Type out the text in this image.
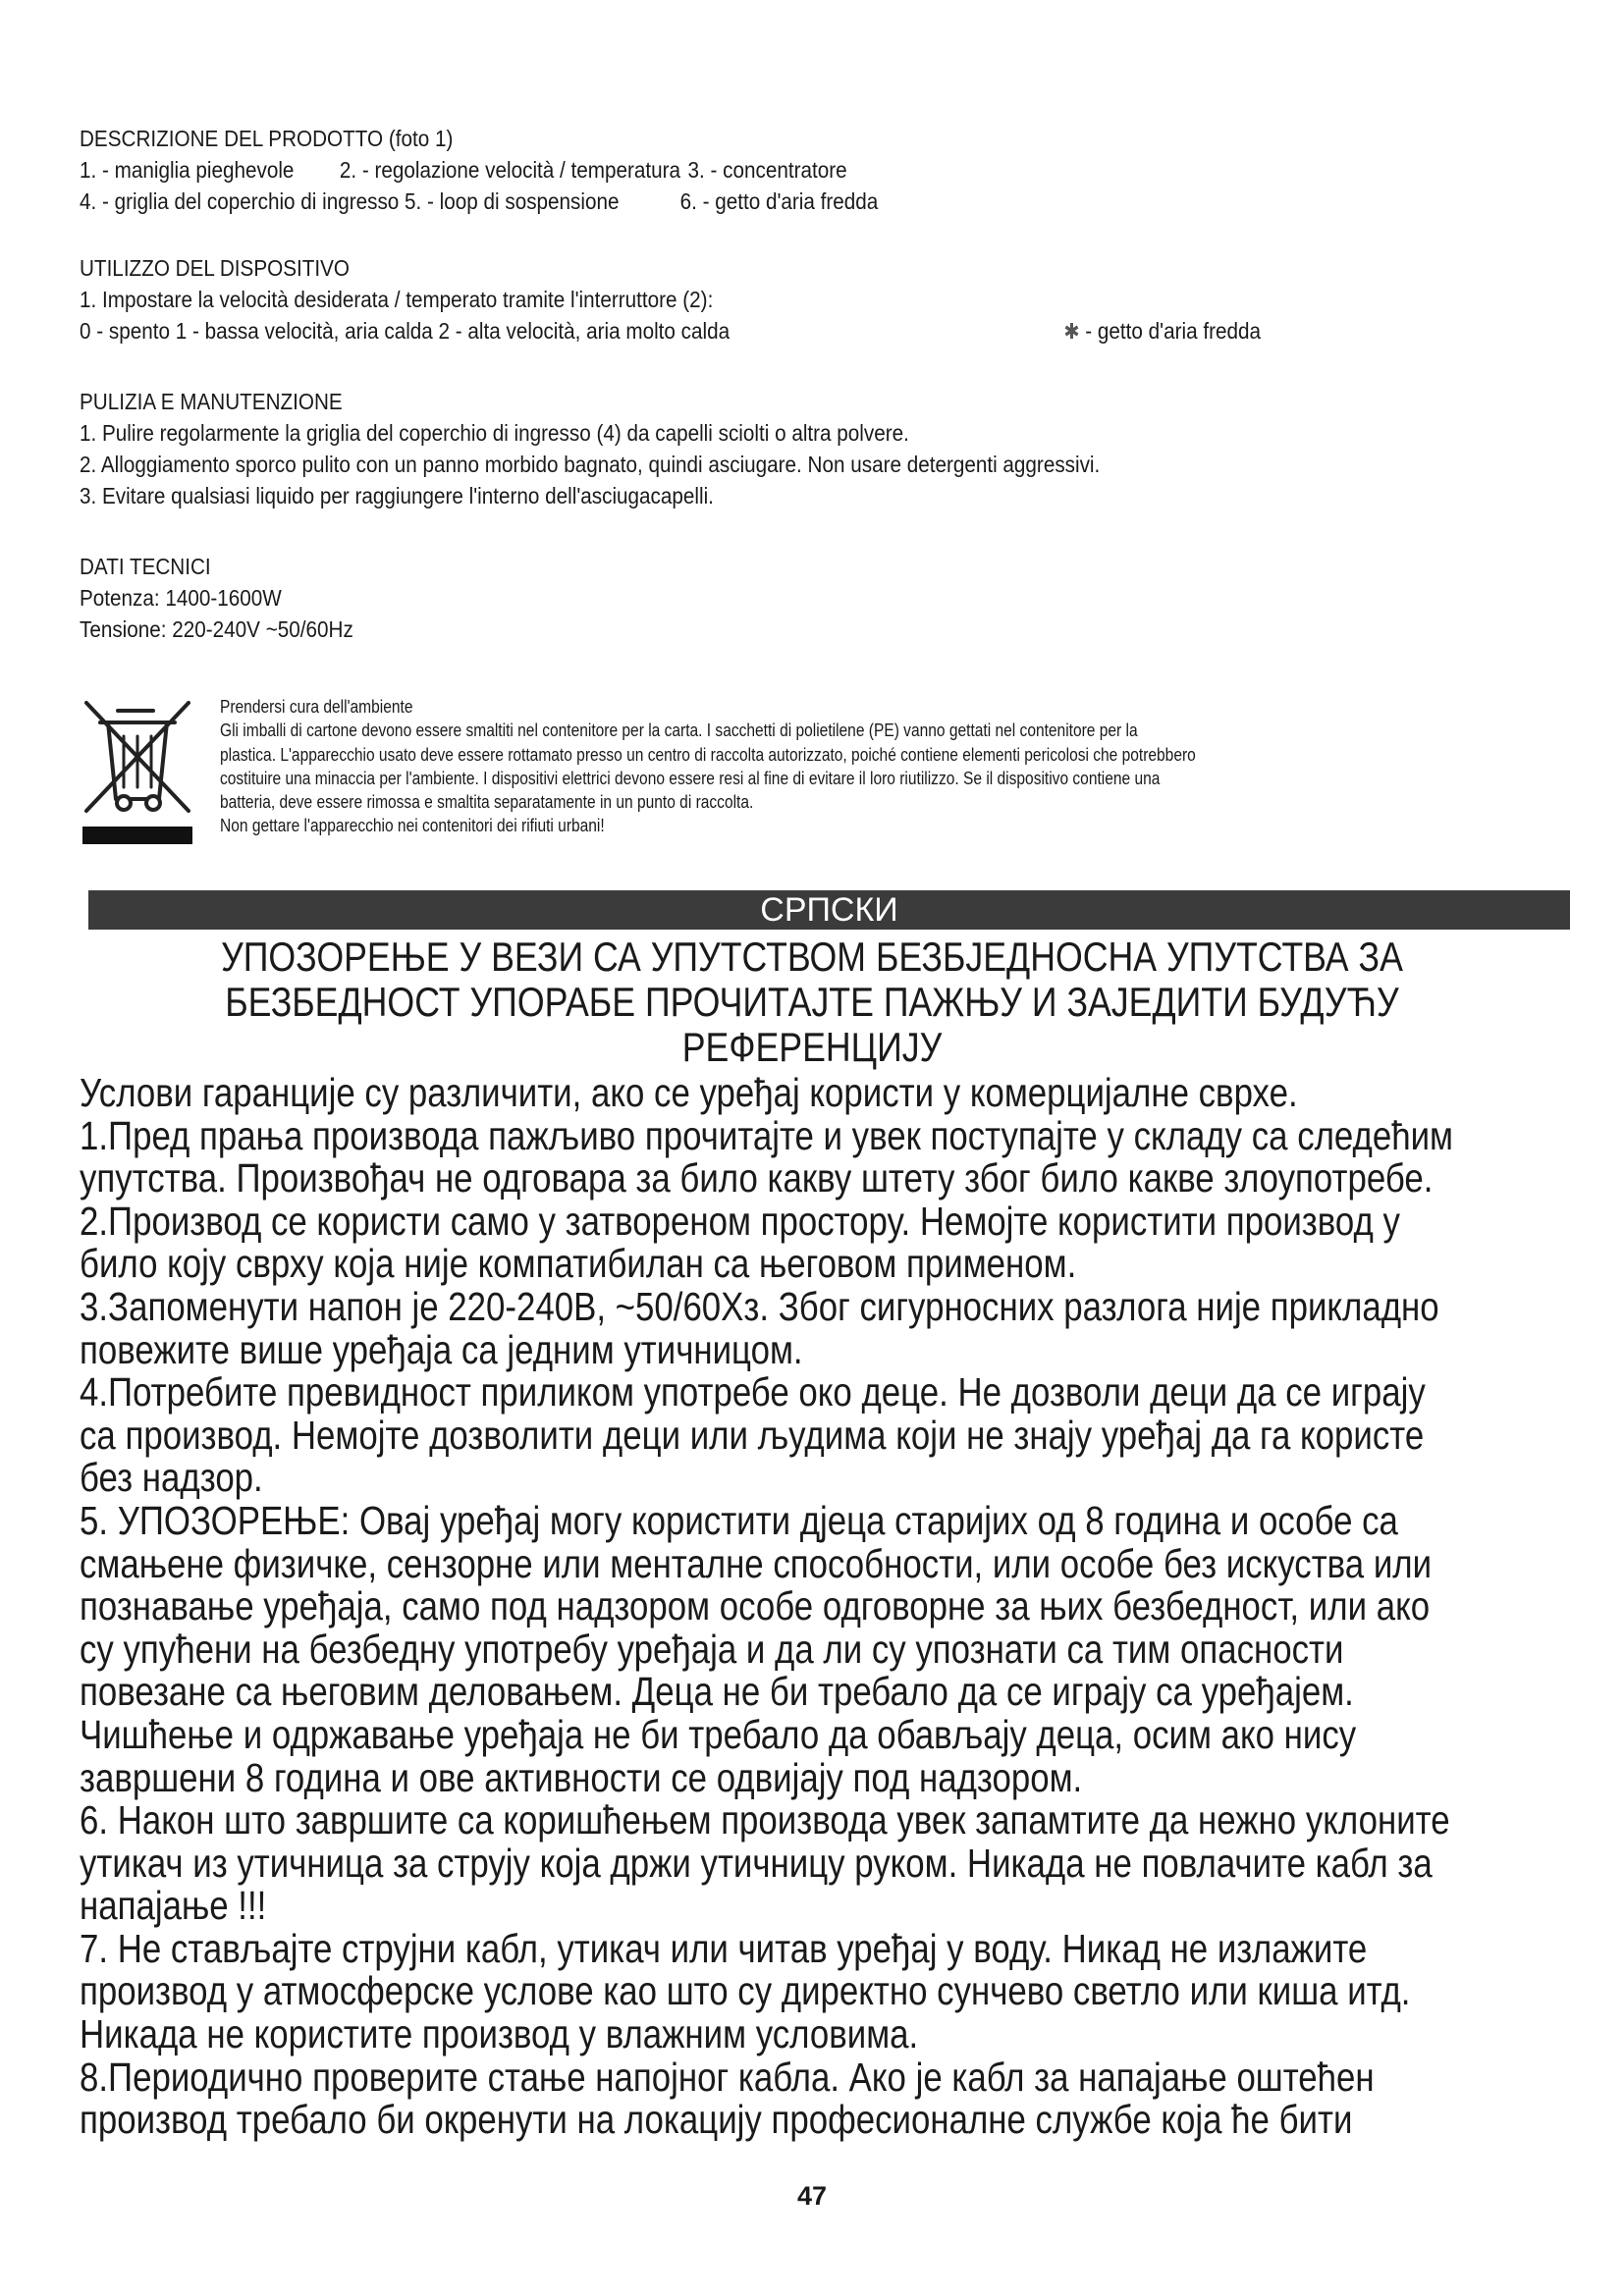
DESCRIZIONE DEL PRODOTTO (foto 1)
1. - maniglia pieghevole 2. - regolazione velocità / temperatura 3. - concentratore
4. - griglia del coperchio di ingresso 5. - loop di sospensione	6. - getto d'aria fredda
UTILIZZO DEL DISPOSITIVO
1. Impostare la velocità desiderata / temperato tramite l'interruttore (2):
0 - spento 1 - bassa velocità, aria calda 2 - alta velocità, aria molto calda	✱ - getto d'aria fredda
PULIZIA E MANUTENZIONE
1. Pulire regolarmente la griglia del coperchio di ingresso (4) da capelli sciolti o altra polvere.
2. Alloggiamento sporco pulito con un panno morbido bagnato, quindi asciugare. Non usare detergenti aggressivi.
3. Evitare qualsiasi liquido per raggiungere l'interno dell'asciugacapelli.
DATI TECNICI
Potenza: 1400-1600W
Tensione: 220-240V ~50/60Hz
Prendersi cura dell'ambiente
Gli imballi di cartone devono essere smaltiti nel contenitore per la carta. I sacchetti di polietilene (PE) vanno gettati nel contenitore per la
plastica. L'apparecchio usato deve essere rottamato presso un centro di raccolta autorizzato, poiché contiene elementi pericolosi che potrebbero
costituire una minaccia per l'ambiente. I dispositivi elettrici devono essere resi al fine di evitare il loro riutilizzo. Se il dispositivo contiene una
batteria, deve essere rimossa e smaltita separatamente in un punto di raccolta.
Non gettare l'apparecchio nei contenitori dei rifiuti urbani!
СРПСКИ
УПОЗОРЕЊЕ У ВЕЗИ СА УПУТСТВОМ БЕЗБЈЕДНОСНА УПУТСТВА ЗА
БЕЗБЕДНОСТ УПОРАБЕ ПРОЧИТАЈТЕ ПАЖЊУ И ЗАЈЕДИТИ БУДУЋУ
РЕФЕРЕНЦИЈУ
Услови гаранције су различити, ако се уређај користи у комерцијалне сврхе.
1.Пред прања производа пажљиво прочитајте и увек поступајте у складу са следећим
упутства. Произвођач не одговара за било какву штету због било какве злоупотребе.
2.Производ се користи само у затвореном простору. Немојте користити производ у
било коју сврху која није компатибилан са његовом применом.
3.Запоменути напон је 220-240В, ~50/60Хз. Због сигурносних разлога није прикладно
повежите више уређаја са једним утичницом.
4.Потребите превидност приликом употребе око деце. Не дозволи деци да се играју
са производ. Немојте дозволити деци или људима који не знају уређај да га користе
без надзор.
5. УПОЗОРЕЊЕ: Овај уређај могу користити дјеца старијих од 8 година и особе са
смањене физичке, сензорне или менталне способности, или особе без искуства или
познавање уређаја, само под надзором особе одговорне за њих безбедност, или ако
су упућени на безбедну употребу уређаја и да ли су упознати са тим опасности
повезане са његовим деловањем. Деца не би требало да се играју са уређајем.
Чишћење и одржавање уређаја не би требало да обављају деца, осим ако нису
завршени 8 година и ове активности се одвијају под надзором.
6. Након што завршите са коришћењем производа увек запамтите да нежно уклоните
утикач из утичница за струју која држи утичницу руком. Никада не повлачите кабл за
напајање !!!
7. Не стављајте струјни кабл, утикач или читав уређај у воду. Никад не излажите
производ у атмосферске услове као што су директно сунчево светло или киша итд.
Никада не користите производ у влажним условима.
8.Периодично проверите стање напојног кабла. Ако је кабл за напајање оштећен
производ требало би окренути на локацију професионалне службе која ће бити
47
